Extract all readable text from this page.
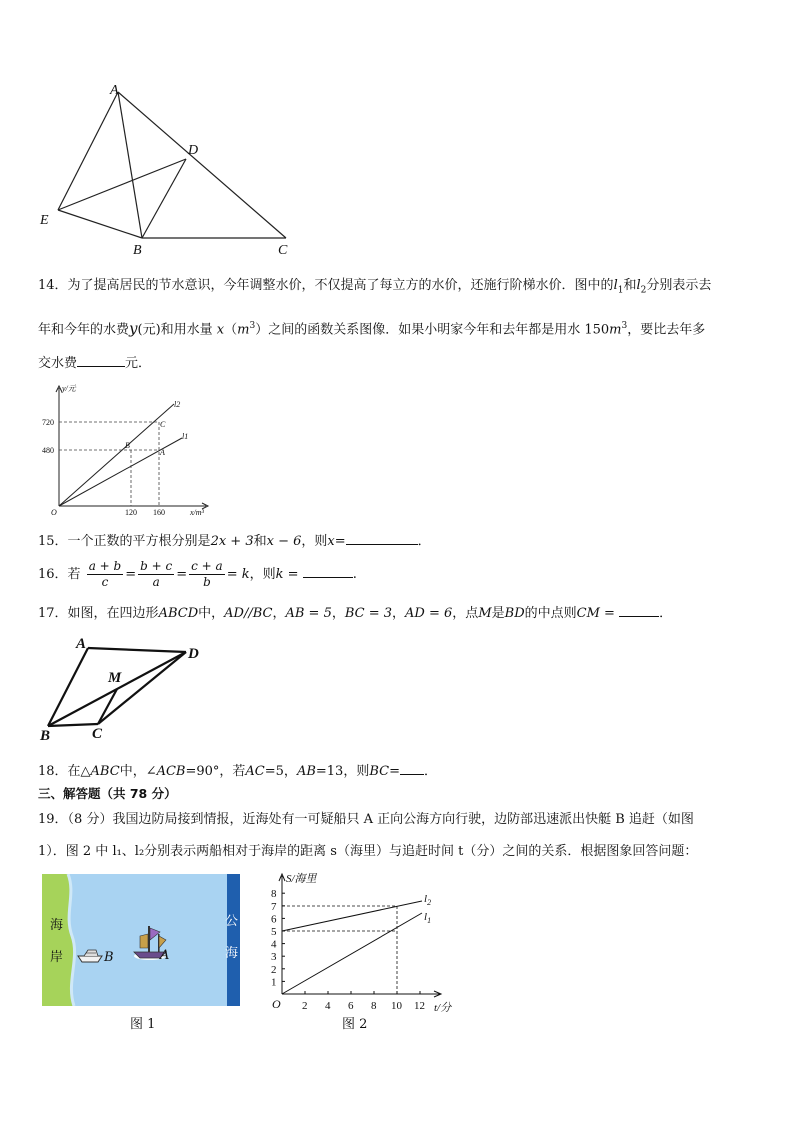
A
D
E
B	C
14．为了提高居民的节水意识，今年调整水价，不仅提高了每立方的水价，还施行阶梯水价．图中的$l_1$和$l_2$分别表示去
年和今年的水费y(元)和用水量 $x(m^3)$之间的函数关系图像．如果小明家今年和去年都是用水 $150m^3$，要比去年多
交水费	元．
y/元
x/m³
O
720
480
120 160
B
A
C
l2
l1
15．一个正数的平方根分别是2x + 3和x − 6，则x=	．
16．若 $\frac{a + b}{c} = \frac{b + c}{a} = \frac{c + a}{b} = k$，则k =	.
17．如图，在四边形ABCD中，AD//BC，AB = 5，BC = 3，AD = 6，点M是BD的中点则CM =	．
A
D
M
B	C
18．在△ABC中，∠ACB=90°，若AC=5，AB=13，则BC= ．
三、解答题（共 78 分）
19．（8 分）我国边防局接到情报，近海处有一可疑船只 A 正向公海方向行驶，边防部迅速派出快艇 B 追赶（如图
1）．图 2 中 l₁、l₂分别表示两船相对于海岸的距离 s（海里）与追赶时间 t（分）之间的关系．根据图象回答问题：
海
岸
公
海
B	A
图 1
S/海里
t/分
O
$l_2$
$l_1$
8
7
6
5
4
3
2
1
2 4 6 8 10 12
图 2
